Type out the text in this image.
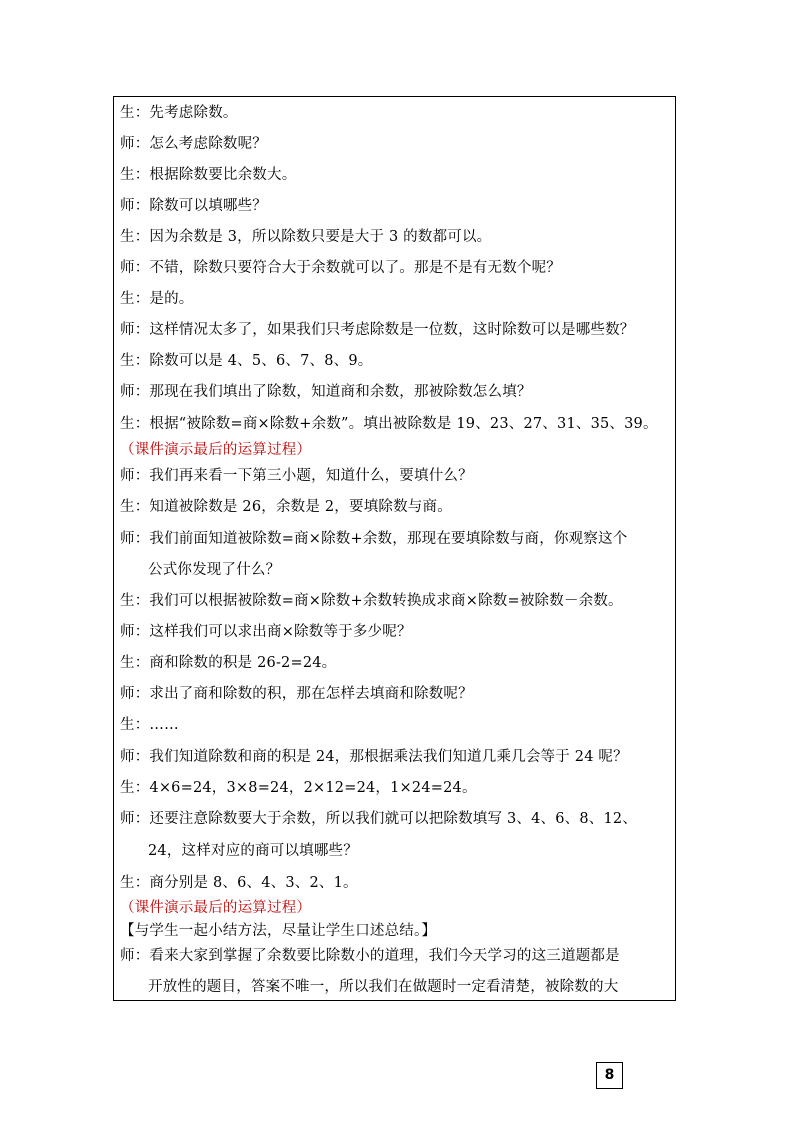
生：先考虑除数。
师：怎么考虑除数呢？
生：根据除数要比余数大。
师：除数可以填哪些？
生：因为余数是 3，所以除数只要是大于 3 的数都可以。
师：不错，除数只要符合大于余数就可以了。那是不是有无数个呢？
生：是的。
师：这样情况太多了，如果我们只考虑除数是一位数，这时除数可以是哪些数？
生：除数可以是 4、5、6、7、8、9。
师：那现在我们填出了除数，知道商和余数，那被除数怎么填？
生：根据“被除数=商×除数+余数”。填出被除数是 19、23、27、31、35、39。
（课件演示最后的运算过程）
师：我们再来看一下第三小题，知道什么，要填什么？
生：知道被除数是 26，余数是 2，要填除数与商。
师：我们前面知道被除数=商×除数+余数，那现在要填除数与商，你观察这个
公式你发现了什么？
生：我们可以根据被除数=商×除数+余数转换成求商×除数=被除数－余数。
师：这样我们可以求出商×除数等于多少呢？
生：商和除数的积是 26-2=24。
师：求出了商和除数的积，那在怎样去填商和除数呢？
生：……
师：我们知道除数和商的积是 24，那根据乘法我们知道几乘几会等于 24 呢？
生：4×6=24，3×8=24，2×12=24，1×24=24。
师：还要注意除数要大于余数，所以我们就可以把除数填写 3、4、6、8、12、
24，这样对应的商可以填哪些？
生：商分别是 8、6、4、3、2、1。
（课件演示最后的运算过程）
【与学生一起小结方法，尽量让学生口述总结。】
师：看来大家到掌握了余数要比除数小的道理，我们今天学习的这三道题都是
开放性的题目，答案不唯一，所以我们在做题时一定看清楚，被除数的大
8
